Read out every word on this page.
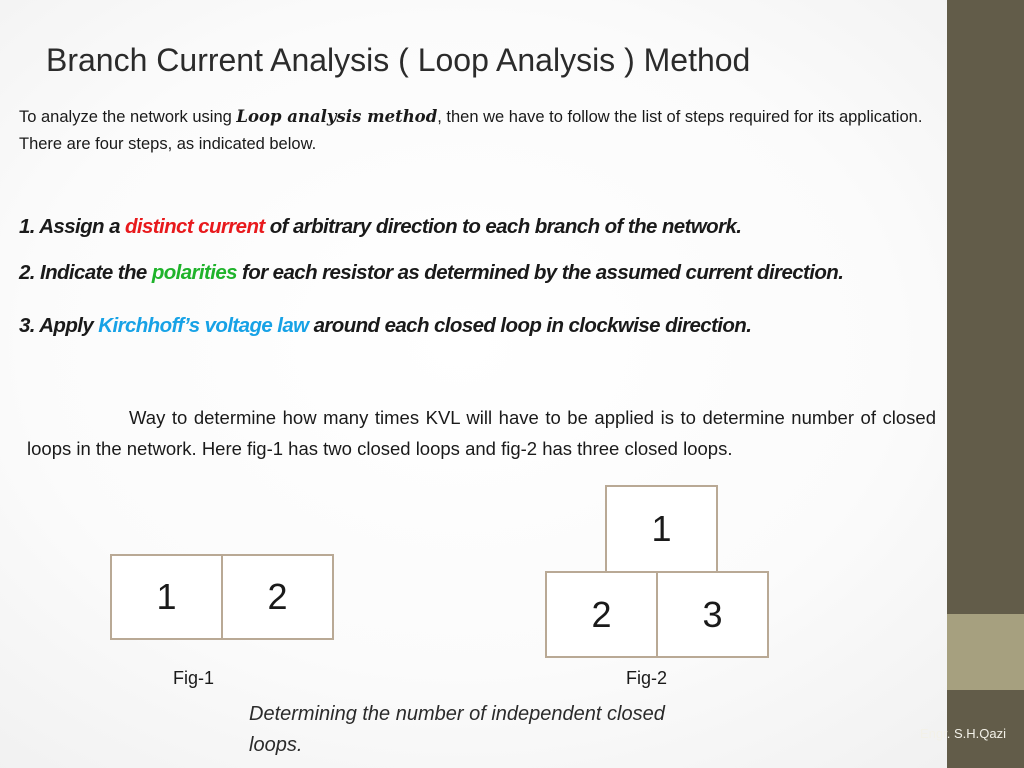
Branch Current Analysis ( Loop Analysis ) Method
To analyze the network using Loop analysis method, then we have to follow the list of steps required for its application.
There are four steps, as indicated below.
1. Assign a distinct current of arbitrary direction to each branch of the network.
2. Indicate the polarities for each resistor as determined by the assumed current direction.
3. Apply Kirchhoff’s voltage law around each closed loop in clockwise direction.
Way to determine how many times KVL will have to be applied is to determine number of closed loops in the network. Here fig-1 has two closed loops and fig-2 has three closed loops.
1	2
Fig-1
1
2	3
Fig-2
Determining the number of independent closed loops.
Engr. S.H.Qazi
